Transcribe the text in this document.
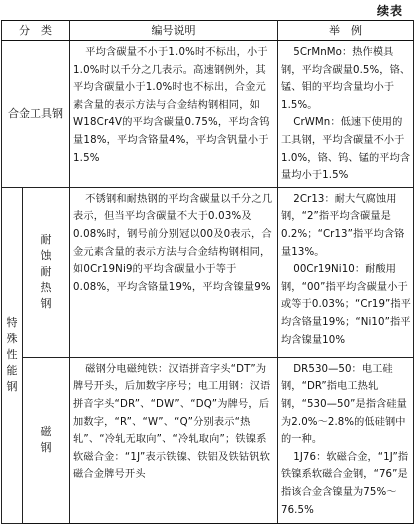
续表
分　类		编号说明	举　例
合金工具钢		平均含碳量不小于1.0%时不标出，小于1.0%时以千分之几表示。高速钢例外，其平均含碳量小于1.0%时也不标出，合金元素含量的表示方法与合金结构钢相同，如W18Cr4V的平均含碳量0.75%，平均含钨量18%，平均含铬量4%，平均含钒量小于1.5%	5CrMnMo：热作模具钢，平均含碳量0.5%，铬、锰、钼的平均含量均小于1.5%。

CrWMn：低速下使用的工具钢，平均含碳量不小于1.0%，铬、钨、锰的平均含量均小于1.5%

特殊性能钢	耐蚀耐热钢	不锈钢和耐热钢的平均含碳量以千分之几表示，但当平均含碳量不大于0.03%及0.08%时，钢号前分别冠以00及0表示，合金元素含量的表示方法与合金结构钢相同，如0Cr19Ni9的平均含碳量小于等于0.08%，平均含铬量19%，平均含镍量9%	2Cr13：耐大气腐蚀用钢，“2”指平均含碳量是0.2%；“Cr13”指平均含铬量13%。

00Cr19Ni10：耐酸用钢，“00”指平均含碳量小于或等于0.03%；“Cr19”指平均含铬量19%；“Ni10”指平均含镍量10%

	磁钢	磁钢分电磁纯铁：汉语拼音字头“DT”为牌号开头，后加数字序号；电工用钢：汉语拼音字头“DR”、“DW”、“DQ”为牌号，后加数字，“R”、“W”、“Q”分别表示“热轧”、“冷轧无取向”、“冷轧取向”；铁镍系软磁合金：“1J”表示铁镍、铁铝及铁钴钒软磁合金牌号开头	DR530—50：电工硅钢，“DR”指电工热轧钢，“530—50”是指含硅量为2.0%～2.8%的低硅钢中的一种。

1J76：软磁合金，“1J”指铁镍系软磁合金钢，“76”是指该合金含镍量为75%～76.5%
